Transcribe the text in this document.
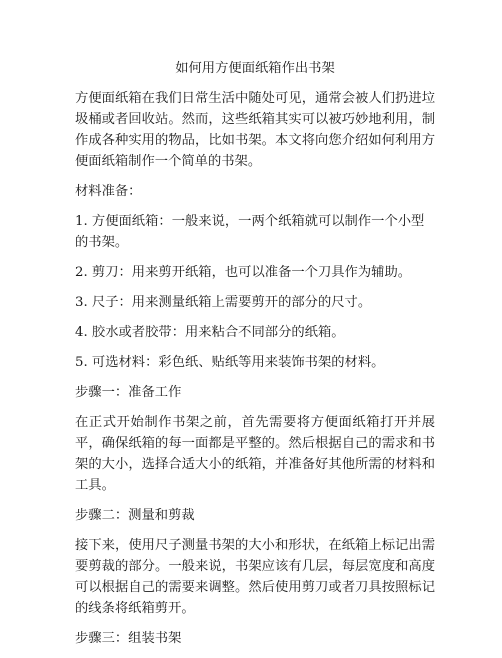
如何用方便面纸箱作出书架

方便面纸箱在我们日常生活中随处可见，通常会被人们扔进垃圾桶或者回收站。然而，这些纸箱其实可以被巧妙地利用，制作成各种实用的物品，比如书架。本文将向您介绍如何利用方便面纸箱制作一个简单的书架。

材料准备：
1. 方便面纸箱：一般来说，一两个纸箱就可以制作一个小型的书架。
2. 剪刀：用来剪开纸箱，也可以准备一个刀具作为辅助。
3. 尺子：用来测量纸箱上需要剪开的部分的尺寸。
4. 胶水或者胶带：用来粘合不同部分的纸箱。
5. 可选材料：彩色纸、贴纸等用来装饰书架的材料。
步骤一：准备工作

在正式开始制作书架之前，首先需要将方便面纸箱打开并展平，确保纸箱的每一面都是平整的。然后根据自己的需求和书架的大小，选择合适大小的纸箱，并准备好其他所需的材料和工具。

步骤二：测量和剪裁

接下来，使用尺子测量书架的大小和形状，在纸箱上标记出需要剪裁的部分。一般来说，书架应该有几层，每层宽度和高度可以根据自己的需要来调整。然后使用剪刀或者刀具按照标记的线条将纸箱剪开。

步骤三：组装书架
